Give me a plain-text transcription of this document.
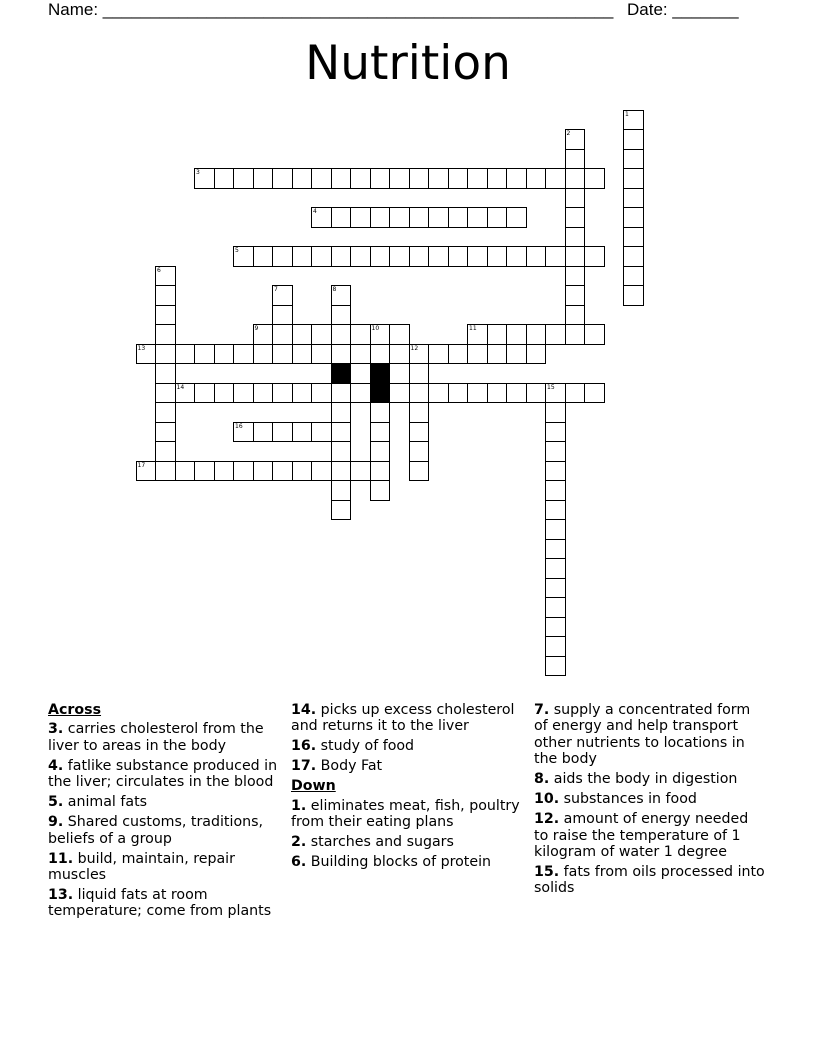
Name: ______________________________________________________ Date: _______
Nutrition
1
2
3
4
5
6
7	8
9	10	11
12
13
14	15
16
17
Across
3. carries cholesterol from the liver to areas in the body
4. fatlike substance produced in the liver; circulates in the blood
5. animal fats
9. Shared customs, traditions, beliefs of a group
11. build, maintain, repair muscles
13. liquid fats at room temperature; come from plants
14. picks up excess cholesterol and returns it to the liver
16. study of food
17. Body Fat
Down
1. eliminates meat, fish, poultry from their eating plans
2. starches and sugars
6. Building blocks of protein
7. supply a concentrated form of energy and help transport other nutrients to locations in the body
8. aids the body in digestion
10. substances in food
12. amount of energy needed to raise the temperature of 1 kilogram of water 1 degree
15. fats from oils processed into solids
